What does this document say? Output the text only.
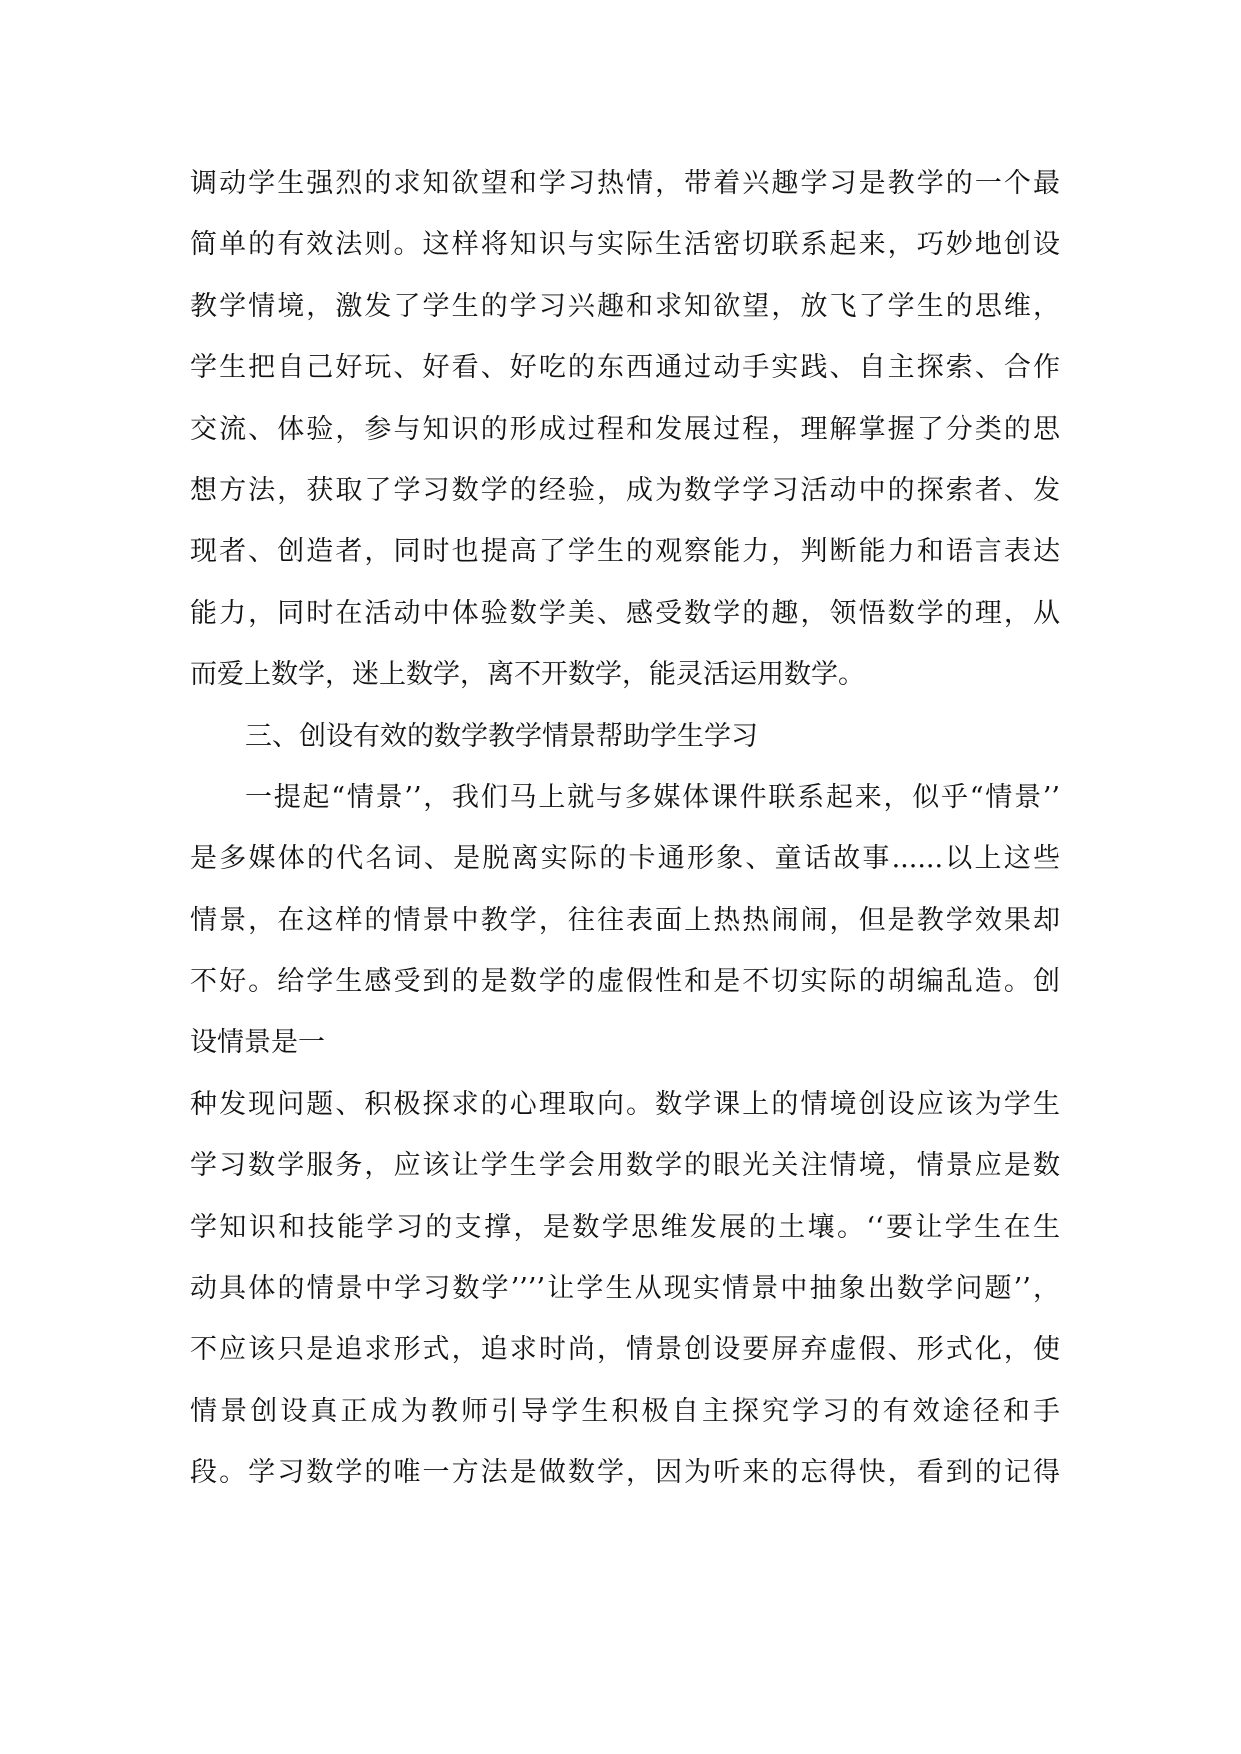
调动学生强烈的求知欲望和学习热情，带着兴趣学习是教学的一个最
简单的有效法则。这样将知识与实际生活密切联系起来，巧妙地创设
教学情境，激发了学生的学习兴趣和求知欲望，放飞了学生的思维，
学生把自己好玩、好看、好吃的东西通过动手实践、自主探索、合作
交流、体验，参与知识的形成过程和发展过程，理解掌握了分类的思
想方法，获取了学习数学的经验，成为数学学习活动中的探索者、发
现者、创造者，同时也提高了学生的观察能力，判断能力和语言表达
能力，同时在活动中体验数学美、感受数学的趣，领悟数学的理，从
而爱上数学，迷上数学，离不开数学，能灵活运用数学。
三、创设有效的数学教学情景帮助学生学习
一提起“情景’’，我们马上就与多媒体课件联系起来，似乎“情景’’
是多媒体的代名词、是脱离实际的卡通形象、童话故事......以上这些
情景，在这样的情景中教学，往往表面上热热闹闹，但是教学效果却
不好。给学生感受到的是数学的虚假性和是不切实际的胡编乱造。创
设情景是一
种发现问题、积极探求的心理取向。数学课上的情境创设应该为学生
学习数学服务，应该让学生学会用数学的眼光关注情境，情景应是数
学知识和技能学习的支撑，是数学思维发展的土壤。‘‘要让学生在生
动具体的情景中学习数学’’’’让学生从现实情景中抽象出数学问题’’，
不应该只是追求形式，追求时尚，情景创设要屏弃虚假、形式化，使
情景创设真正成为教师引导学生积极自主探究学习的有效途径和手
段。学习数学的唯一方法是做数学，因为听来的忘得快，看到的记得
